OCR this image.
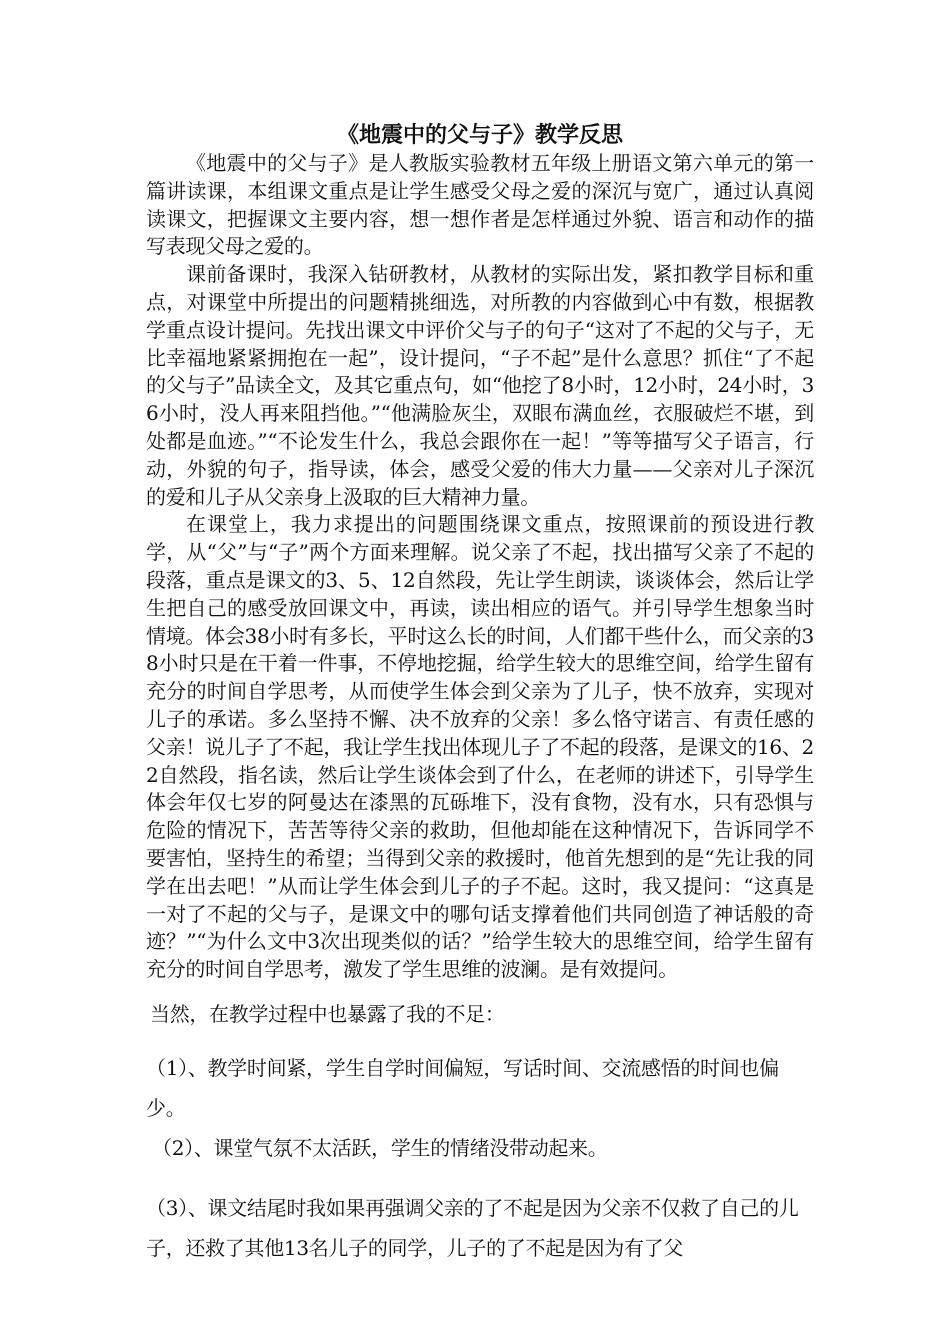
《地震中的父与子》教学反思

《地震中的父与子》是人教版实验教材五年级上册语文第六单元的第一篇讲读课，本组课文重点是让学生感受父母之爱的深沉与宽广，通过认真阅读课文，把握课文主要内容，想一想作者是怎样通过外貌、语言和动作的描写表现父母之爱的。

课前备课时，我深入钻研教材，从教材的实际出发，紧扣教学目标和重点，对课堂中所提出的问题精挑细选，对所教的内容做到心中有数，根据教学重点设计提问。先找出课文中评价父与子的句子“这对了不起的父与子，无比幸福地紧紧拥抱在一起”，设计提问，“子不起”是什么意思？抓住“了不起的父与子”品读全文，及其它重点句，如“他挖了8小时，12小时，24小时，36小时，没人再来阻挡他。”“他满脸灰尘，双眼布满血丝，衣服破烂不堪，到处都是血迹。”“不论发生什么，我总会跟你在一起！”等等描写父子语言，行动，外貌的句子，指导读，体会，感受父爱的伟大力量——父亲对儿子深沉的爱和儿子从父亲身上汲取的巨大精神力量。

在课堂上，我力求提出的问题围绕课文重点，按照课前的预设进行教学，从“父”与“子”两个方面来理解。说父亲了不起，找出描写父亲了不起的段落，重点是课文的3、5、12自然段，先让学生朗读，谈谈体会，然后让学生把自己的感受放回课文中，再读，读出相应的语气。并引导学生想象当时情境。体会38小时有多长，平时这么长的时间，人们都干些什么，而父亲的38小时只是在干着一件事，不停地挖掘，给学生较大的思维空间，给学生留有充分的时间自学思考，从而使学生体会到父亲为了儿子，快不放弃，实现对儿子的承诺。多么坚持不懈、决不放弃的父亲！多么恪守诺言、有责任感的父亲！说儿子了不起，我让学生找出体现儿子了不起的段落，是课文的16、22自然段，指名读，然后让学生谈体会到了什么，在老师的讲述下，引导学生体会年仅七岁的阿曼达在漆黑的瓦砾堆下，没有食物，没有水，只有恐惧与危险的情况下，苦苦等待父亲的救助，但他却能在这种情况下，告诉同学不要害怕，坚持生的希望；当得到父亲的救援时，他首先想到的是“先让我的同学在出去吧！”从而让学生体会到儿子的子不起。这时，我又提问：“这真是一对了不起的父与子，是课文中的哪句话支撑着他们共同创造了神话般的奇迹？”“为什么文中3次出现类似的话？”给学生较大的思维空间，给学生留有充分的时间自学思考，激发了学生思维的波澜。是有效提问。

当然，在教学过程中也暴露了我的不足：

（1）、教学时间紧，学生自学时间偏短，写话时间、交流感悟的时间也偏少。

（2）、课堂气氛不太活跃，学生的情绪没带动起来。

（3）、课文结尾时我如果再强调父亲的了不起是因为父亲不仅救了自己的儿子，还救了其他13名儿子的同学，儿子的了不起是因为有了父
